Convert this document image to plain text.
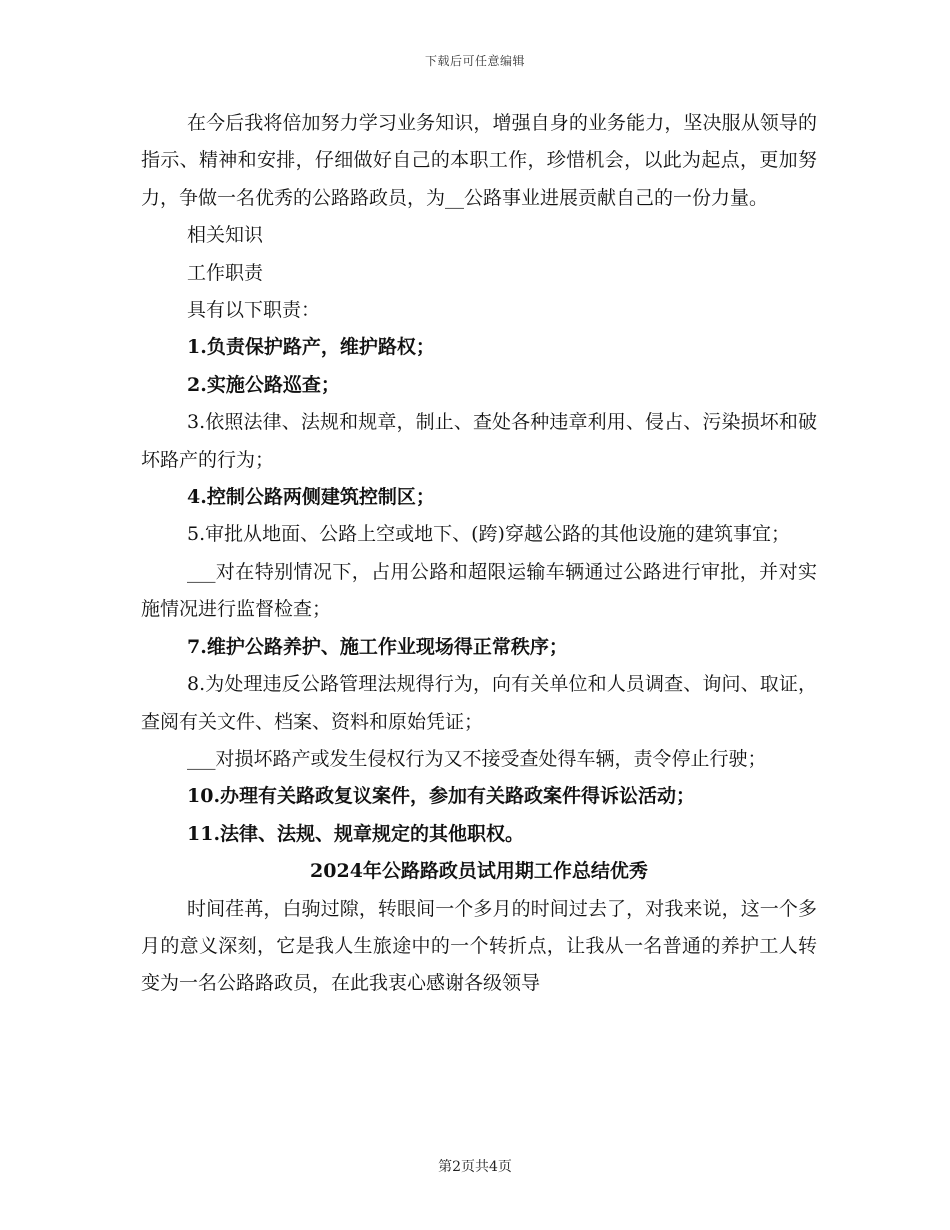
下载后可任意编辑

在今后我将倍加努力学习业务知识，增强自身的业务能力，坚决服从领导的指示、精神和安排，仔细做好自己的本职工作，珍惜机会，以此为起点，更加努力，争做一名优秀的公路路政员，为__公路事业进展贡献自己的一份力量。

相关知识

工作职责

具有以下职责：

1.负责保护路产，维护路权；

2.实施公路巡查；

3.依照法律、法规和规章，制止、查处各种违章利用、侵占、污染损坏和破坏路产的行为；

4.控制公路两侧建筑控制区；

5.审批从地面、公路上空或地下、(跨)穿越公路的其他设施的建筑事宜；

___对在特别情况下，占用公路和超限运输车辆通过公路进行审批，并对实施情况进行监督检查；

7.维护公路养护、施工作业现场得正常秩序；

8.为处理违反公路管理法规得行为，向有关单位和人员调查、询问、取证，查阅有关文件、档案、资料和原始凭证；

___对损坏路产或发生侵权行为又不接受查处得车辆，责令停止行驶；

10.办理有关路政复议案件，参加有关路政案件得诉讼活动；

11.法律、法规、规章规定的其他职权。

2024年公路路政员试用期工作总结优秀

时间荏苒，白驹过隙，转眼间一个多月的时间过去了，对我来说，这一个多月的意义深刻，它是我人生旅途中的一个转折点，让我从一名普通的养护工人转变为一名公路路政员，在此我衷心感谢各级领导

第2页共4页
